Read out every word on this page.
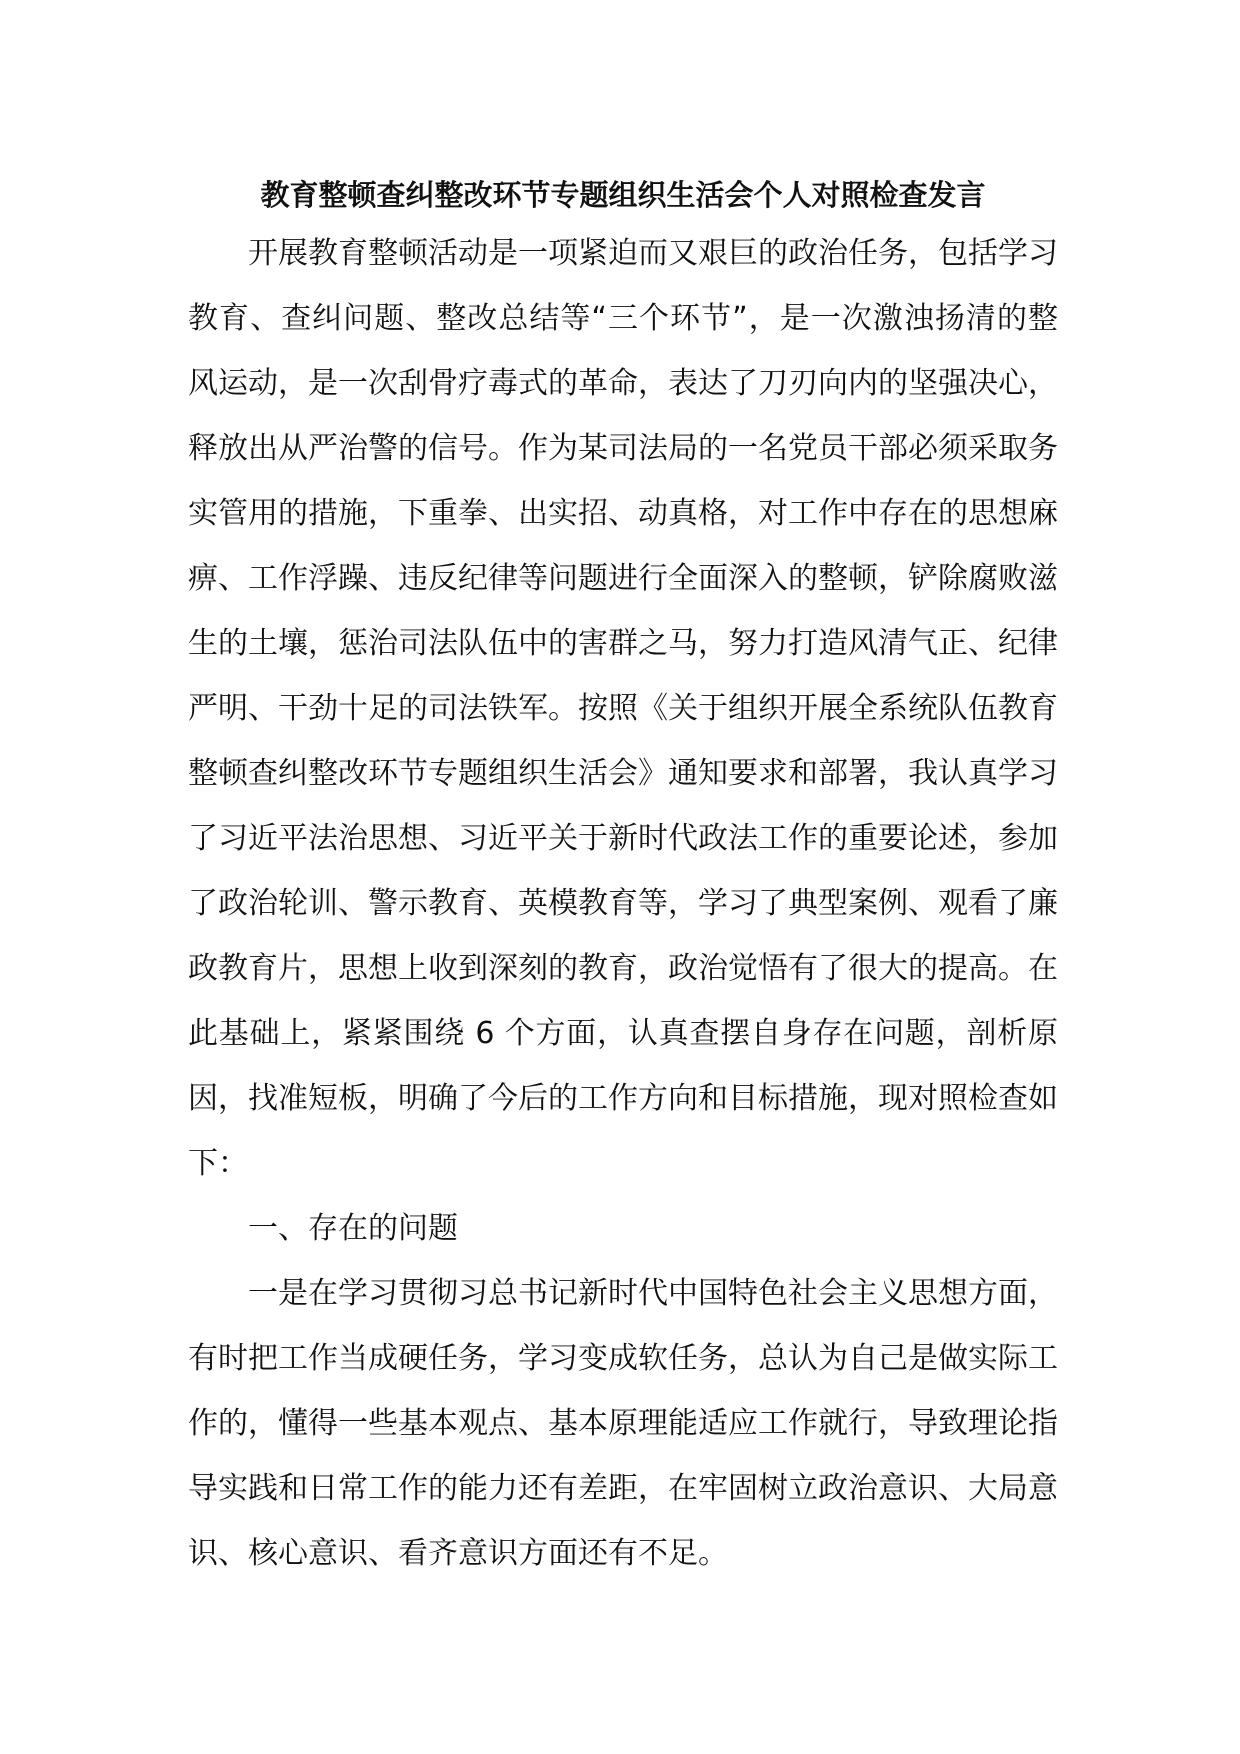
教育整顿查纠整改环节专题组织生活会个人对照检查发言

开展教育整顿活动是一项紧迫而又艰巨的政治任务，包括学习教育、查纠问题、整改总结等“三个环节”，是一次激浊扬清的整风运动，是一次刮骨疗毒式的革命，表达了刀刃向内的坚强决心，释放出从严治警的信号。作为某司法局的一名党员干部必须采取务实管用的措施，下重拳、出实招、动真格，对工作中存在的思想麻痹、工作浮躁、违反纪律等问题进行全面深入的整顿，铲除腐败滋生的土壤，惩治司法队伍中的害群之马，努力打造风清气正、纪律严明、干劲十足的司法铁军。按照《关于组织开展全系统队伍教育整顿查纠整改环节专题组织生活会》通知要求和部署，我认真学习了习近平法治思想、习近平关于新时代政法工作的重要论述，参加了政治轮训、警示教育、英模教育等，学习了典型案例、观看了廉政教育片，思想上收到深刻的教育，政治觉悟有了很大的提高。在此基础上，紧紧围绕 6 个方面，认真查摆自身存在问题，剖析原因，找准短板，明确了今后的工作方向和目标措施，现对照检查如下：

一、存在的问题

一是在学习贯彻习总书记新时代中国特色社会主义思想方面，有时把工作当成硬任务，学习变成软任务，总认为自己是做实际工作的，懂得一些基本观点、基本原理能适应工作就行，导致理论指导实践和日常工作的能力还有差距，在牢固树立政治意识、大局意识、核心意识、看齐意识方面还有不足。
